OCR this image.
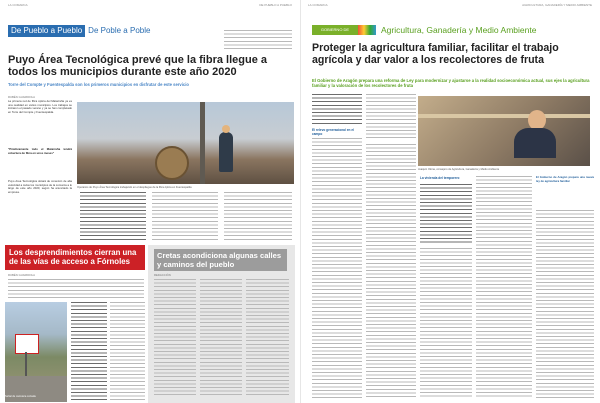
LA COMARCA	DE PUEBLO A PUEBLO
De Pueblo a Pueblo De Poble a Poble
Puyo Área Tecnológica prevé que la fibra llegue a todos los municipios durante este año 2020
Torre del Compte y Fuentespalda son los primeros municipios en disfrutar de este servicio
RUBÉN GUARDIOLA
La primera red de fibra óptica del Matarraña ya es una realidad en varios municipios. Los trabajos se iniciaron el pasado verano y ya se han completado en Torre del Compte y Fuentespalda.
"Prácticamente todo el Matarraña tendrá cobertura de fibra en unos meses"
Puyo Área Tecnológica dotará de conexión de alta velocidad a todos los municipios de la comarca a lo largo de este año 2020, según ha anunciado la empresa.
Operarios de Puyo Área Tecnológica trabajando en el despliegue de la fibra óptica en Fuentespalda
Los desprendimientos cierran una de las vías de acceso a Fórnoles
RUBÉN GUARDIOLA
Señal de carretera cortada
Cretas acondiciona algunas calles y caminos del pueblo
REDACCIÓN
LA COMARCA	AGRICULTURA, GANADERÍA Y MEDIO AMBIENTE
GOBIERNO DE ARAGÓN
Agricultura, Ganadería y Medio Ambiente
Proteger la agricultura familiar, facilitar el trabajo agrícola y dar valor a los recolectores de fruta
El Gobierno de Aragón prepara una reforma de Ley para modernizar y ajustarse a la realidad socioeconómica actual, sus ejes la agricultura familiar y la valoración de los recolectores de fruta
Joaquín Olona, consejero de Agricultura, Ganadería y Medio Ambiente
El relevo generacional en el campo
La vivienda del temporero	El Gobierno de Aragón prepara una nueva ley de agricultura familiar
